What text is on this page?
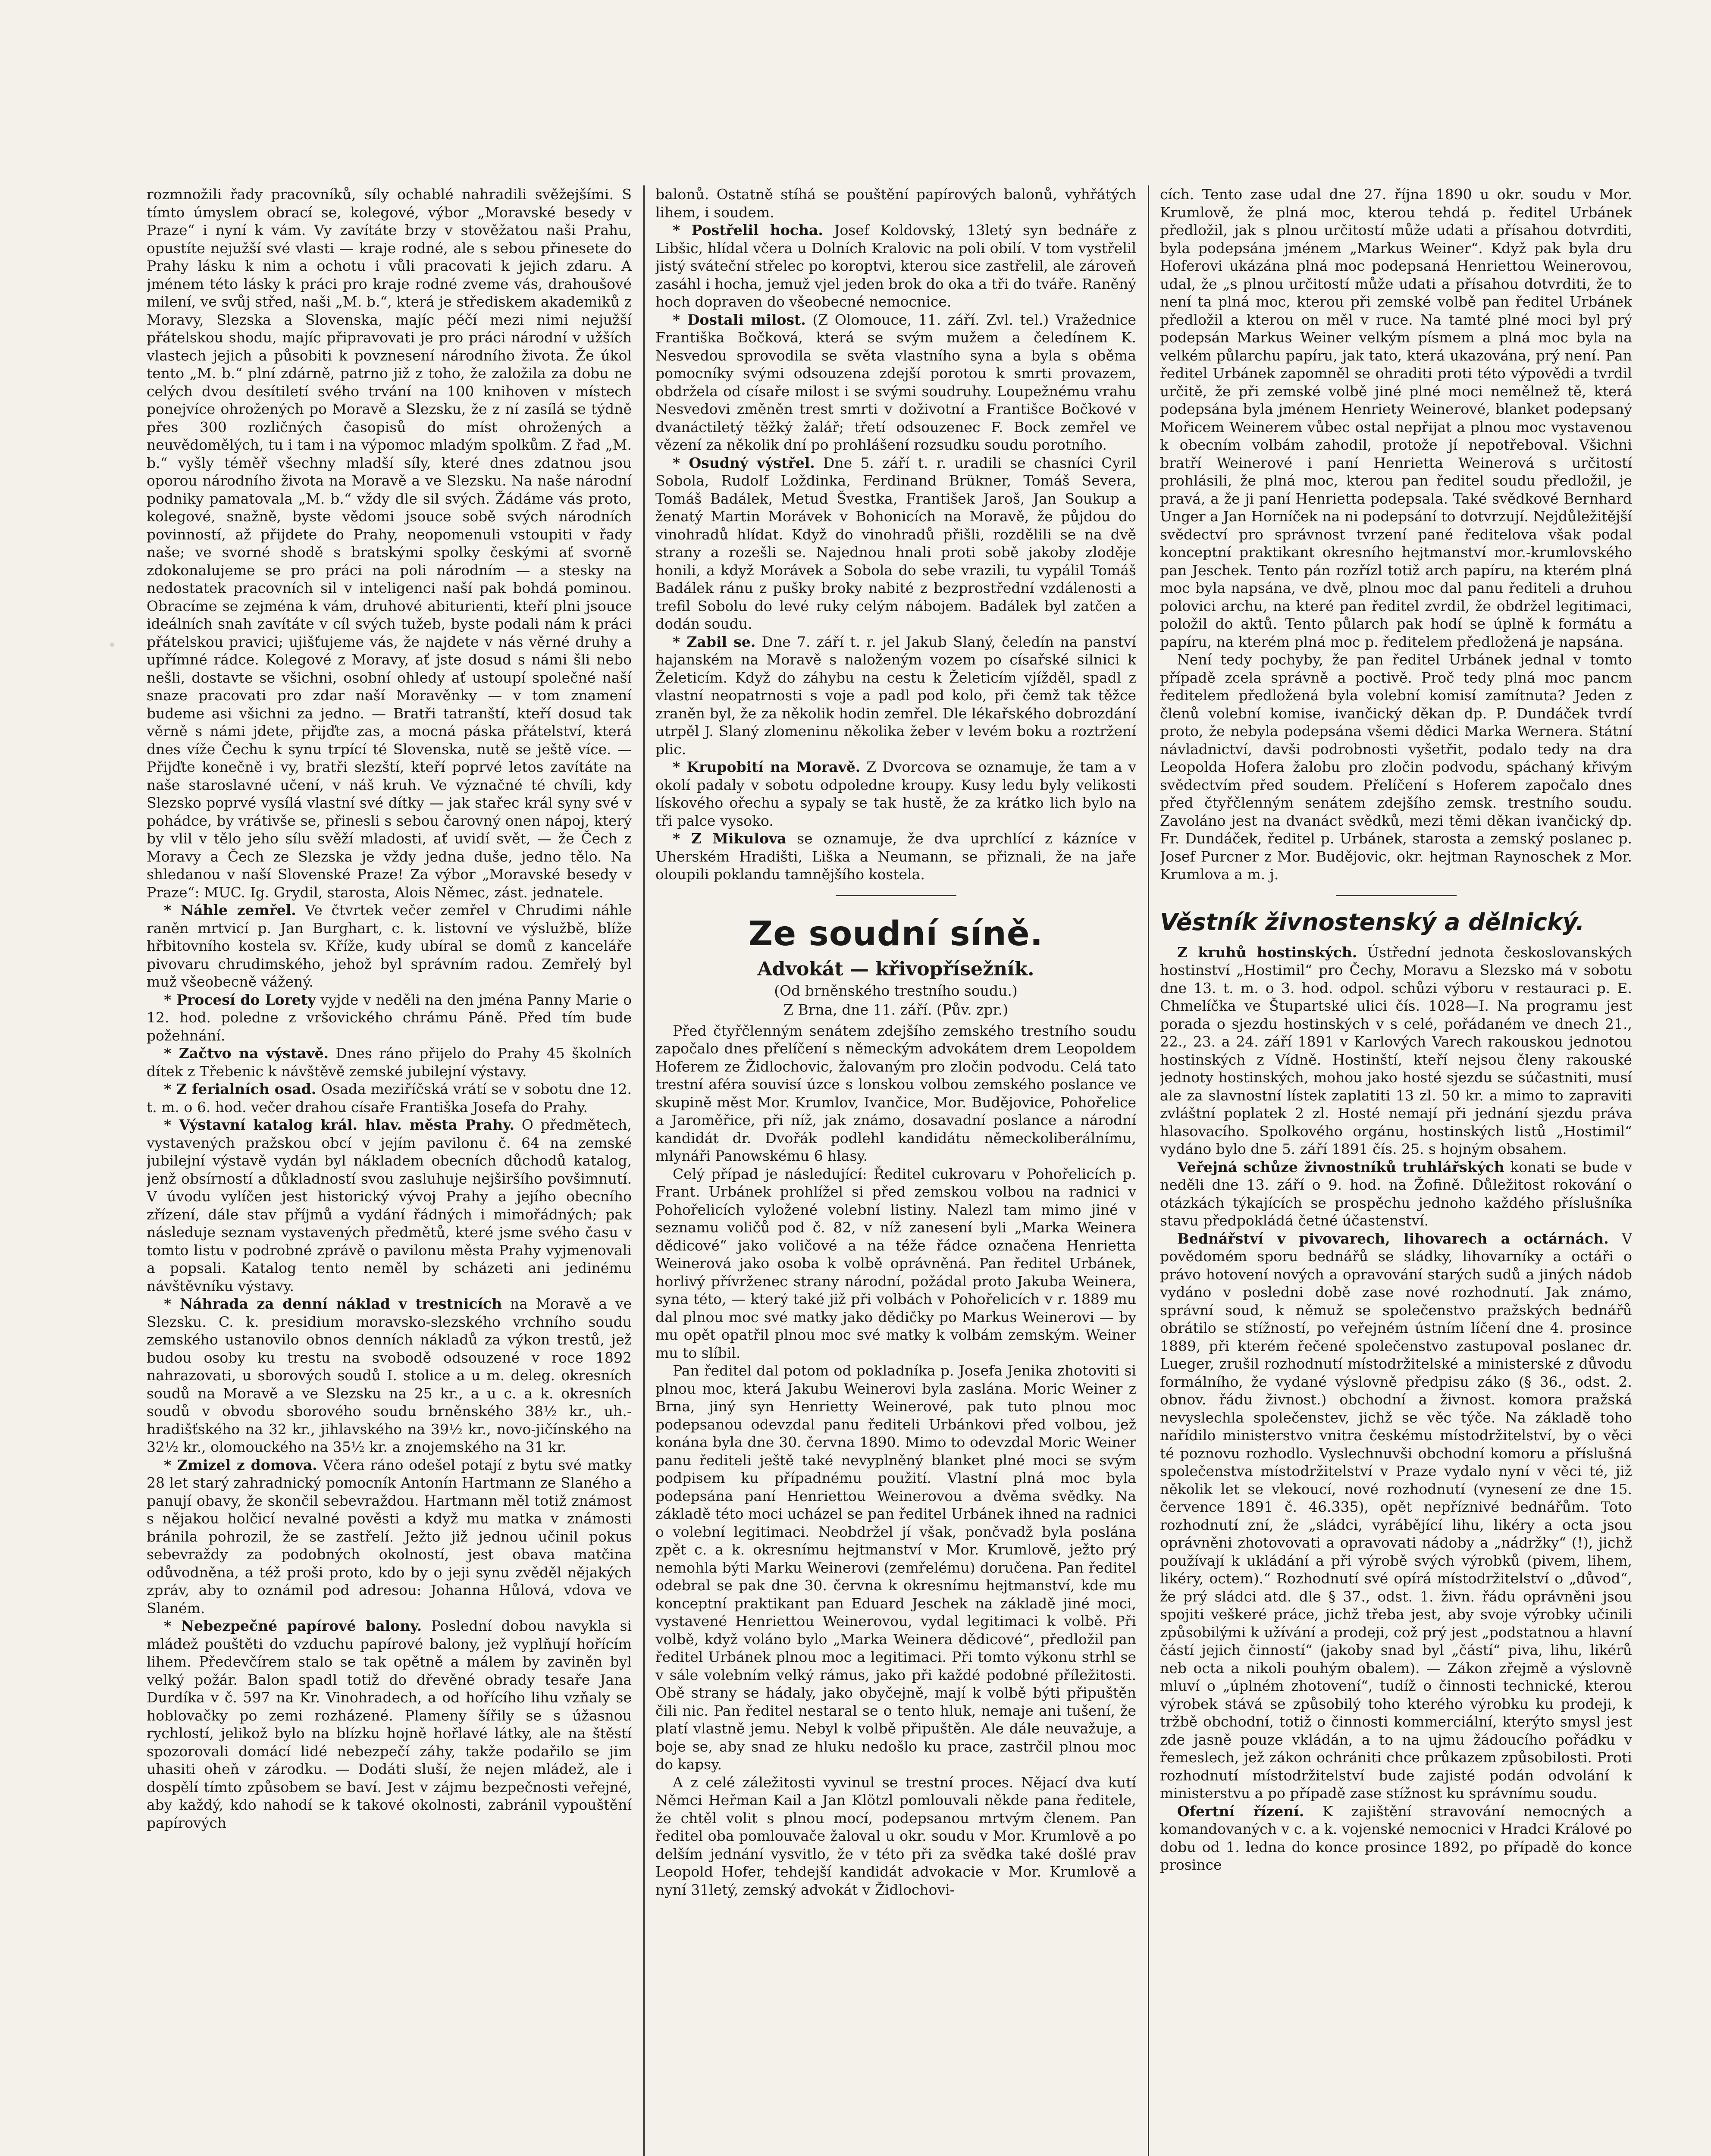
rozmnožili řady pracovníků, síly ochablé nahradili svěžejšími. S tímto úmyslem obrací se, kolegové, výbor „Moravské besedy v Praze“ i nyní k vám. Vy zavítáte brzy v stověžatou naši Prahu, opustíte nejužší své vlasti — kraje rodné, ale s sebou přinesete do Prahy lásku k nim a ochotu i vůli pracovati k jejich zdaru. A jménem této lásky k práci pro kraje rodné zveme vás, drahoušové milení, ve svůj střed, naši „M. b.“, která je střediskem akademiků z Moravy, Slezska a Slovenska, majíc péčí mezi nimi nejužší přátelskou shodu, majíc připravovati je pro práci národní v užších vlastech jejich a působiti k povznesení národního života. Že úkol tento „M. b.“ plní zdárně, patrno již z toho, že založila za dobu ne celých dvou desítiletí svého trvání na 100 knihoven v místech ponejvíce ohrožených po Moravě a Slezsku, že z ní zasílá se týdně přes 300 rozličných časopisů do míst ohrožených a neuvědomělých, tu i tam i na výpomoc mladým spolkům. Z řad „M. b.“ vyšly téměř všechny mladší síly, které dnes zdatnou jsou oporou národního života na Moravě a ve Slezsku. Na naše národní podniky pamatovala „M. b.“ vždy dle sil svých. Žádáme vás proto, kolegové, snažně, byste vědomi jsouce sobě svých národních povinností, až přijdete do Prahy, neopomenuli vstoupiti v řady naše; ve svorné shodě s bratskými spolky českými ať svorně zdokonalujeme se pro práci na poli národním — a stesky na nedostatek pracovních sil v inteligenci naší pak bohdá pominou. Obracíme se zejména k vám, druhové abiturienti, kteří plni jsouce ideálních snah zavítáte v cíl svých tužeb, byste podali nám k práci přátelskou pravici; ujišťujeme vás, že najdete v nás věrné druhy a upřímné rádce. Kolegové z Moravy, ať jste dosud s námi šli nebo nešli, dostavte se všichni, osobní ohledy ať ustoupí společné naší snaze pracovati pro zdar naší Moravěnky — v tom znamení budeme asi všichni za jedno. — Bratři tatranští, kteří dosud tak věrně s námi jdete, přijďte zas, a mocná páska přátelství, která dnes víže Čechu k synu trpící té Slovenska, nutě se ještě více. — Přijďte konečně i vy, bratři slezští, kteří poprvé letos zavítáte na naše staroslavné učení, v náš kruh. Ve význačné té chvíli, kdy Slezsko poprvé vysílá vlastní své dítky — jak stařec král syny své v pohádce, by vrátivše se, přinesli s sebou čarovný onen nápoj, který by vlil v tělo jeho sílu svěží mladosti, ať uvidí svět, — že Čech z Moravy a Čech ze Slezska je vždy jedna duše, jedno tělo. Na shledanou v naší Slovenské Praze! Za výbor „Moravské besedy v Praze“: MUC. Ig. Grydil, starosta, Alois Němec, zást. jednatele.

* Náhle zemřel. Ve čtvrtek večer zemřel v Chrudimi náhle raněn mrtvicí p. Jan Burghart, c. k. listovní ve výslužbě, blíže hřbitovního kostela sv. Kříže, kudy ubíral se domů z kanceláře pivovaru chrudimského, jehož byl správním radou. Zemřelý byl muž všeobecně vážený.

* Procesí do Lorety vyjde v neděli na den jména Panny Marie o 12. hod. poledne z vršovického chrámu Páně. Před tím bude požehnání.

* Začtvo na výstavě. Dnes ráno přijelo do Prahy 45 školních dítek z Třebenic k návštěvě zemské jubilejní výstavy.

* Z ferialních osad. Osada meziříčská vrátí se v sobotu dne 12. t. m. o 6. hod. večer drahou císaře Františka Josefa do Prahy.

* Výstavní katalog král. hlav. města Prahy. O předmětech, vystavených pražskou obcí v jejím pavilonu č. 64 na zemské jubilejní výstavě vydán byl nákladem obecních důchodů katalog, jenž obsírností a důkladností svou zasluhuje nejširšího povšimnutí. V úvodu vylíčen jest historický vývoj Prahy a jejího obecního zřízení, dále stav příjmů a vydání řádných i mimořádných; pak následuje seznam vystavených předmětů, které jsme svého času v tomto listu v podrobné zprávě o pavilonu města Prahy vyjmenovali a popsali. Katalog tento neměl by scházeti ani jedinému návštěvníku výstavy.

* Náhrada za denní náklad v trestnicích na Moravě a ve Slezsku. C. k. presidium moravsko-slezského vrchního soudu zemského ustanovilo obnos denních nákladů za výkon trestů, jež budou osoby ku trestu na svobodě odsouzené v roce 1892 nahrazovati, u sborových soudů I. stolice a u m. deleg. okresních soudů na Moravě a ve Slezsku na 25 kr., a u c. a k. okresních soudů v obvodu sborového soudu brněnského 38½ kr., uh.-hradišťského na 32 kr., jihlavského na 39½ kr., novo-jičínského na 32½ kr., olomouckého na 35½ kr. a znojemského na 31 kr.

* Zmizel z domova. Včera ráno odešel potají z bytu své matky 28 let starý zahradnický pomocník Antonín Hartmann ze Slaného a panují obavy, že skončil sebevraždou. Hartmann měl totiž známost s nějakou holčicí nevalné pověsti a když mu matka v známosti bránila pohrozil, že se zastřelí. Ježto již jednou učinil pokus sebevraždy za podobných okolností, jest obava matčina odůvodněna, a též proši proto, kdo by o jeji synu zvěděl nějakých zpráv, aby to oznámil pod adresou: Johanna Hůlová, vdova ve Slaném.

* Nebezpečné papírové balony. Poslední dobou navykla si mládež pouštěti do vzduchu papírové balony, jež vyplňují hořícím lihem. Předevčírem stalo se tak opětně a málem by zaviněn byl velký požár. Balon spadl totiž do dřevěné obrady tesaře Jana Durdíka v č. 597 na Kr. Vinohradech, a od hořícího lihu vzňaly se hoblovačky po zemi rozházené. Plameny šířily se s úžasnou rychlostí, jelikož bylo na blízku hojně hořlavé látky, ale na štěstí spozorovali domácí lidé nebezpečí záhy, takže podařilo se jim uhasiti oheň v zárodku. — Dodáti sluší, že nejen mládež, ale i dospělí tímto způsobem se baví. Jest v zájmu bezpečnosti veřejné, aby každý, kdo nahodí se k takové okolnosti, zabránil vypouštění papírových

balonů. Ostatně stíhá se pouštění papírových balonů, vyhřátých lihem, i soudem.

* Postřelil hocha. Josef Koldovský, 13letý syn bednáře z Libšic, hlídal včera u Dolních Kralovic na poli obilí. V tom vystřelil jistý sváteční střelec po koroptvi, kterou sice zastřelil, ale zároveň zasáhl i hocha, jemuž vjel jeden brok do oka a tři do tváře. Raněný hoch dopraven do všeobecné nemocnice.

* Dostali milost. (Z Olomouce, 11. září. Zvl. tel.) Vražednice Františka Bočková, která se svým mužem a čeledínem K. Nesvedou sprovodila se světa vlastního syna a byla s oběma pomocníky svými odsouzena zdejší porotou k smrti provazem, obdržela od císaře milost i se svými soudruhy. Loupežnému vrahu Nesvedovi změněn trest smrti v doživotní a Františce Bočkové v dvanáctiletý těžký žalář; třetí odsouzenec F. Bock zemřel ve vězení za několik dní po prohlášení rozsudku soudu porotního.

* Osudný výstřel. Dne 5. září t. r. uradili se chasníci Cyril Sobola, Rudolf Loždinka, Ferdinand Brükner, Tomáš Severa, Tomáš Badálek, Metud Švestka, František Jaroš, Jan Soukup a ženatý Martin Morávek v Bohonicích na Moravě, že půjdou do vinohradů hlídat. Když do vinohradů přišli, rozdělili se na dvě strany a rozešli se. Najednou hnali proti sobě jakoby zloděje honili, a když Morávek a Sobola do sebe vrazili, tu vypálil Tomáš Badálek ránu z pušky broky nabité z bezprostřední vzdálenosti a trefil Sobolu do levé ruky celým nábojem. Badálek byl zatčen a dodán soudu.

* Zabil se. Dne 7. září t. r. jel Jakub Slaný, čeledín na panství hajanském na Moravě s naloženým vozem po císařské silnici k Želeticím. Když do záhybu na cestu k Želeticím vjížděl, spadl z vlastní neopatrnosti s voje a padl pod kolo, při čemž tak těžce zraněn byl, že za několik hodin zemřel. Dle lékařského dobrozdání utrpěl J. Slaný zlomeninu několika žeber v levém boku a roztržení plic.

* Krupobití na Moravě. Z Dvorcova se oznamuje, že tam a v okolí padaly v sobotu odpoledne kroupy. Kusy ledu byly velikosti lískového ořechu a sypaly se tak hustě, že za krátko lich bylo na tři palce vysoko.

* Z Mikulova se oznamuje, že dva uprchlící z kázníce v Uherském Hradišti, Liška a Neumann, se přiznali, že na jaře oloupili poklandu tamnějšího kostela.

Ze soudní síně.
Advokát — křivopřísežník.
(Od brněnského trestního soudu.)
Z Brna, dne 11. září. (Pův. zpr.)

Před čtyřčlenným senátem zdejšího zemského trestního soudu započalo dnes přelíčení s německým advokátem drem Leopoldem Hoferem ze Židlochovic, žalovaným pro zločin podvodu. Celá tato trestní aféra souvisí úzce s lonskou volbou zemského poslance ve skupině měst Mor. Krumlov, Ivančice, Mor. Budějovice, Pohořelice a Jaroměřice, při níž, jak známo, dosavadní poslance a národní kandidát dr. Dvořák podlehl kandidátu německoliberálnímu, mlynáři Panowskému 6 hlasy.

Celý případ je následující: Ředitel cukrovaru v Pohořelicích p. Frant. Urbánek prohlížel si před zemskou volbou na radnici v Pohořelicích vyložené volební listiny. Nalezl tam mimo jiné v seznamu voličů pod č. 82, v níž zanesení byli „Marka Weinera dědicové“ jako voličové a na téže řádce označena Henrietta Weinerová jako osoba k volbě oprávněná. Pan ředitel Urbánek, horlivý přívrženec strany národní, požádal proto Jakuba Weinera, syna této, — který také již při volbách v Pohořelicích v r. 1889 mu dal plnou moc své matky jako dědičky po Markus Weinerovi — by mu opět opatřil plnou moc své matky k volbám zemským. Weiner mu to slíbil.

Pan ředitel dal potom od pokladníka p. Josefa Jenika zhotoviti si plnou moc, která Jakubu Weinerovi byla zaslána. Moric Weiner z Brna, jiný syn Henrietty Weinerové, pak tuto plnou moc podepsanou odevzdal panu řediteli Urbánkovi před volbou, jež konána byla dne 30. června 1890. Mimo to odevzdal Moric Weiner panu řediteli ještě také nevyplněný blanket plné moci se svým podpisem ku případnému použití. Vlastní plná moc byla podepsána paní Henriettou Weinerovou a dvěma svědky. Na základě této moci ucházel se pan ředitel Urbánek ihned na radnici o volební legitimaci. Neobdržel jí však, pončvadž byla poslána zpět c. a k. okresnímu hejtmanství v Mor. Krumlově, ježto prý nemohla býti Marku Weinerovi (zemřelému) doručena. Pan ředitel odebral se pak dne 30. června k okresnímu hejtmanství, kde mu konceptní praktikant pan Eduard Jeschek na základě jiné moci, vystavené Henriettou Weinerovou, vydal legitimaci k volbě. Při volbě, když voláno bylo „Marka Weinera dědicové“, předložil pan ředitel Urbánek plnou moc a legitimaci. Při tomto výkonu strhl se v sále volebním velký rámus, jako při každé podobné příležitosti. Obě strany se hádaly, jako obyčejně, mají k volbě býti připuštěn čili nic. Pan ředitel nestaral se o tento hluk, nemaje ani tušení, že platí vlastně jemu. Nebyl k volbě připuštěn. Ale dále neuvažuje, a boje se, aby snad ze hluku nedošlo ku prace, zastrčil plnou moc do kapsy.

A z celé záležitosti vyvinul se trestní proces. Nějací dva kutí Němci Heřman Kail a Jan Klötzl pomlouvali někde pana ředitele, že chtěl volit s plnou mocí, podepsanou mrtvým členem. Pan ředitel oba pomlouvače žaloval u okr. soudu v Mor. Krumlově a po delším jednání vysvitlo, že v této při za svědka také došlé prav Leopold Hofer, tehdejší kandidát advokacie v Mor. Krumlově a nyní 31letý, zemský advokát v Židlochovi-

cích. Tento zase udal dne 27. října 1890 u okr. soudu v Mor. Krumlově, že plná moc, kterou tehdá p. ředitel Urbánek předložil, jak s plnou určitostí může udati a přísahou dotvrditi, byla podepsána jménem „Markus Weiner“. Když pak byla dru Hoferovi ukázána plná moc podepsaná Henriettou Weinerovou, udal, že „s plnou určitostí může udati a přísahou dotvrditi, že to není ta plná moc, kterou při zemské volbě pan ředitel Urbánek předložil a kterou on měl v ruce. Na tamté plné moci byl prý podepsán Markus Weiner velkým písmem a plná moc byla na velkém půlarchu papíru, jak tato, která ukazována, prý není. Pan ředitel Urbánek zapomněl se ohraditi proti této výpovědi a tvrdil určitě, že při zemské volbě jiné plné moci nemělnež tě, která podepsána byla jménem Henriety Weinerové, blanket podepsaný Mořicem Weinerem vůbec ostal nepřijat a plnou moc vystavenou k obecním volbám zahodil, protože jí nepotřeboval. Všichni bratří Weinerové i paní Henrietta Weinerová s určitostí prohlásili, že plná moc, kterou pan ředitel soudu předložil, je pravá, a že ji paní Henrietta podepsala. Také svědkové Bernhard Unger a Jan Horníček na ni podepsání to dotvrzují. Nejdůležitější svědectví pro správnost tvrzení pané ředitelova však podal konceptní praktikant okresního hejtmanství mor.-krumlovského pan Jeschek. Tento pán rozřízl totiž arch papíru, na kterém plná moc byla napsána, ve dvě, plnou moc dal panu řediteli a druhou polovici archu, na které pan ředitel zvrdil, že obdržel legitimaci, položil do aktů. Tento půlarch pak hodí se úplně k formátu a papíru, na kterém plná moc p. ředitelem předložená je napsána.

Není tedy pochyby, že pan ředitel Urbánek jednal v tomto případě zcela správně a poctivě. Proč tedy plná moc pancm ředitelem předložená byla volební komisí zamítnuta? Jeden z členů volební komise, ivančický děkan dp. P. Dundáček tvrdí proto, že nebyla podepsána všemi dědici Marka Wernera. Státní návladnictví, davši podrobnosti vyšetřit, podalo tedy na dra Leopolda Hofera žalobu pro zločin podvodu, spáchaný křivým svědectvím před soudem. Přelíčení s Hoferem započalo dnes před čtyřčlenným senátem zdejšího zemsk. trestního soudu. Zavoláno jest na dvanáct svědků, mezi těmi děkan ivančický dp. Fr. Dundáček, ředitel p. Urbánek, starosta a zemský poslanec p. Josef Purcner z Mor. Budějovic, okr. hejtman Raynoschek z Mor. Krumlova a m. j.

Věstník živnostenský a dělnický.

Z kruhů hostinských. Ústřední jednota českoslovanských hostinství „Hostimil“ pro Čechy, Moravu a Slezsko má v sobotu dne 13. t. m. o 3. hod. odpol. schůzi výboru v restauraci p. E. Chmelíčka ve Štupartské ulici čís. 1028—I. Na programu jest porada o sjezdu hostinských v s celé, pořádaném ve dnech 21., 22., 23. a 24. září 1891 v Karlových Varech rakouskou jednotou hostinských z Vídně. Hostinští, kteří nejsou členy rakouské jednoty hostinských, mohou jako hosté sjezdu se súčastniti, musí ale za slavnostní lístek zaplatiti 13 zl. 50 kr. a mimo to zapraviti zvláštní poplatek 2 zl. Hosté nemají při jednání sjezdu práva hlasovacího. Spolkového orgánu, hostinských listů „Hostimil“ vydáno bylo dne 5. září 1891 čís. 25. s hojným obsahem.

Veřejná schůze živnostníků truhlářských konati se bude v neděli dne 13. září o 9. hod. na Žofině. Důležitost rokování o otázkách týkajících se prospěchu jednoho každého příslušníka stavu předpokládá četné účastenství.

Bednářství v pivovarech, lihovarech a octárnách. V povědomém sporu bednářů se sládky, lihovarníky a octáři o právo hotovení nových a opravování starých sudů a jiných nádob vydáno v posledni době zase nové rozhodnutí. Jak známo, správní soud, k němuž se společenstvo pražských bednářů obrátilo se stížností, po veřejném ústním líčení dne 4. prosince 1889, při kterém řečené společenstvo zastupoval poslanec dr. Lueger, zrušil rozhodnutí místodržitelské a ministerské z důvodu formálního, že vydané výslovně předpisu záko (§ 36., odst. 2. obnov. řádu živnost.) obchodní a živnost. komora pražská nevyslechla společenstev, jichž se věc týče. Na základě toho nařídilo ministerstvo vnitra českému místodržitelství, by o věci té poznovu rozhodlo. Vyslechnuvši obchodní komoru a příslušná společenstva místodržitelství v Praze vydalo nyní v věci té, již několik let se vlekoucí, nové rozhodnutí (vynesení ze dne 15. července 1891 č. 46.335), opět nepříznivé bednářům. Toto rozhodnutí zní, že „sládci, vyrábějící lihu, likéry a octa jsou oprávněni zhotovovati a opravovati nádoby a „nádržky“ (!), jichž používají k ukládání a při výrobě svých výrobků (pivem, lihem, likéry, octem).“ Rozhodnutí své opírá místodržitelství o „důvod“, že prý sládci atd. dle § 37., odst. 1. živn. řádu oprávněni jsou spojiti veškeré práce, jichž třeba jest, aby svoje výrobky učinili způsobilými k užívání a prodeji, což prý jest „podstatnou a hlavní částí jejich činností“ (jakoby snad byl „částí“ piva, lihu, likérů neb octa a nikoli pouhým obalem). — Zákon zřejmě a výslovně mluví o „úplném zhotovení“, tudíž o činnosti technické, kterou výrobek stává se způsobilý toho kterého výrobku ku prodeji, k tržbě obchodní, totiž o činnosti kommerciální, kterýto smysl jest zde jasně pouze vkládán, a to na ujmu žádoucího pořádku v řemeslech, jež zákon ochrániti chce průkazem způsobilosti. Proti rozhodnutí místodržitelství bude zajisté podán odvolání k ministerstvu a po případě zase stížnost ku správnímu soudu.

Ofertní řízení. K zajištění stravování nemocných a komandovaných v c. a k. vojenské nemocnici v Hradci Králové po dobu od 1. ledna do konce prosince 1892, po případě do konce prosince
